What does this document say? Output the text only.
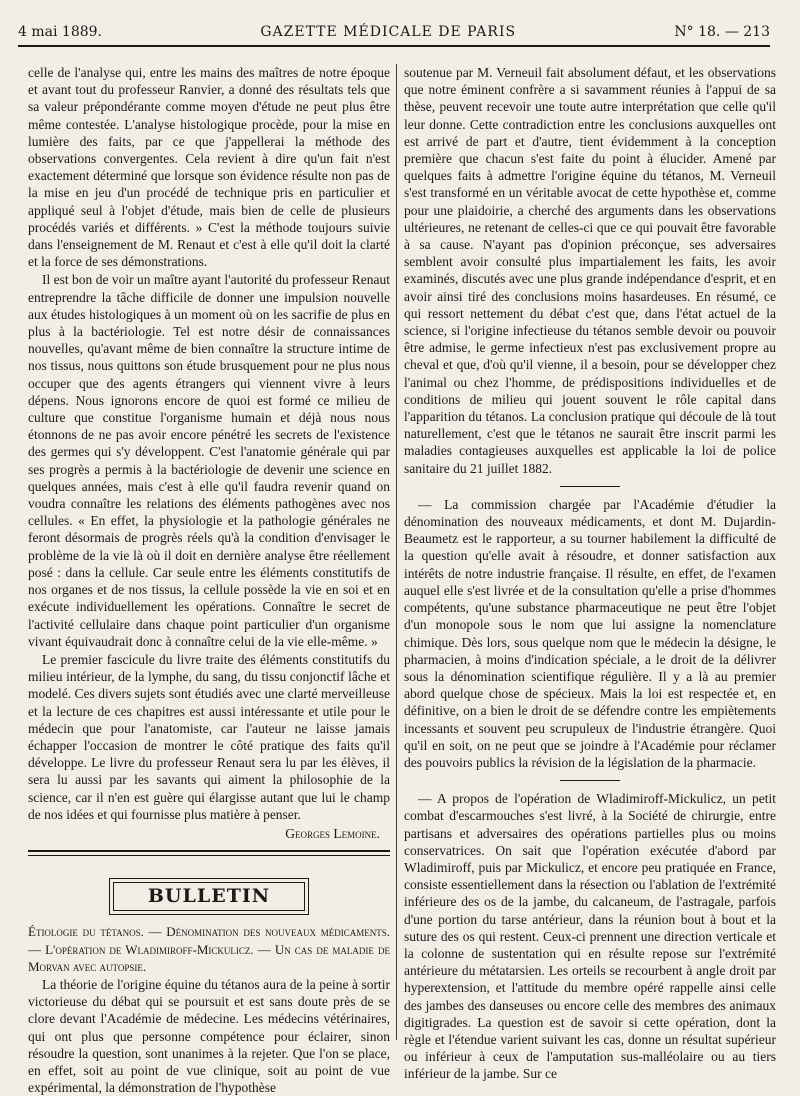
4 mai 1889.	GAZETTE MÉDICALE DE PARIS	N° 18. — 213

celle de l'analyse qui, entre les mains des maîtres de notre époque et avant tout du professeur Ranvier, a donné des résultats tels que sa valeur prépondérante comme moyen d'étude ne peut plus être même contestée. L'analyse histologique procède, pour la mise en lumière des faits, par ce que j'appellerai la méthode des observations convergentes. Cela revient à dire qu'un fait n'est exactement déterminé que lorsque son évidence résulte non pas de la mise en jeu d'un procédé de technique pris en particulier et appliqué seul à l'objet d'étude, mais bien de celle de plusieurs procédés variés et différents. » C'est la méthode toujours suivie dans l'enseignement de M. Renaut et c'est à elle qu'il doit la clarté et la force de ses démonstrations.

Il est bon de voir un maître ayant l'autorité du professeur Renaut entreprendre la tâche difficile de donner une impulsion nouvelle aux études histologiques à un moment où on les sacrifie de plus en plus à la bactériologie. Tel est notre désir de connaissances nouvelles, qu'avant même de bien connaître la structure intime de nos tissus, nous quittons son étude brusquement pour ne plus nous occuper que des agents étrangers qui viennent vivre à leurs dépens. Nous ignorons encore de quoi est formé ce milieu de culture que constitue l'organisme humain et déjà nous nous étonnons de ne pas avoir encore pénétré les secrets de l'existence des germes qui s'y développent. C'est l'anatomie générale qui par ses progrès a permis à la bactériologie de devenir une science en quelques années, mais c'est à elle qu'il faudra revenir quand on voudra connaître les relations des éléments pathogènes avec nos cellules. « En effet, la physiologie et la pathologie générales ne feront désormais de progrès réels qu'à la condition d'envisager le problème de la vie là où il doit en dernière analyse être réellement posé : dans la cellule. Car seule entre les éléments constitutifs de nos organes et de nos tissus, la cellule possède la vie en soi et en exécute individuellement les opérations. Connaître le secret de l'activité cellulaire dans chaque point particulier d'un organisme vivant équivaudrait donc à connaître celui de la vie elle-même. »

Le premier fascicule du livre traite des éléments constitutifs du milieu intérieur, de la lymphe, du sang, du tissu conjonctif lâche et modelé. Ces divers sujets sont étudiés avec une clarté merveilleuse et la lecture de ces chapitres est aussi intéressante et utile pour le médecin que pour l'anatomiste, car l'auteur ne laisse jamais échapper l'occasion de montrer le côté pratique des faits qu'il développe. Le livre du professeur Renaut sera lu par les élèves, il sera lu aussi par les savants qui aiment la philosophie de la science, car il n'en est guère qui élargisse autant que lui le champ de nos idées et qui fournisse plus matière à penser.

Georges Lemoine.
BULLETIN

Étiologie du tétanos. — Dénomination des nouveaux médicaments. — L'opération de Wladimiroff-Mickulicz. — Un cas de maladie de Morvan avec autopsie.

La théorie de l'origine équine du tétanos aura de la peine à sortir victorieuse du débat qui se poursuit et est sans doute près de se clore devant l'Académie de médecine. Les médecins vétérinaires, qui ont plus que personne compétence pour éclairer, sinon résoudre la question, sont unanimes à la rejeter. Que l'on se place, en effet, soit au point de vue clinique, soit au point de vue expérimental, la démonstration de l'hypothèse

soutenue par M. Verneuil fait absolument défaut, et les observations que notre éminent confrère a si savamment réunies à l'appui de sa thèse, peuvent recevoir une toute autre interprétation que celle qu'il leur donne. Cette contradiction entre les conclusions auxquelles ont est arrivé de part et d'autre, tient évidemment à la conception première que chacun s'est faite du point à élucider. Amené par quelques faits à admettre l'origine équine du tétanos, M. Verneuil s'est transformé en un véritable avocat de cette hypothèse et, comme pour une plaidoirie, a cherché des arguments dans les observations ultérieures, ne retenant de celles-ci que ce qui pouvait être favorable à sa cause. N'ayant pas d'opinion préconçue, ses adversaires semblent avoir consulté plus impartialement les faits, les avoir examinés, discutés avec une plus grande indépendance d'esprit, et en avoir ainsi tiré des conclusions moins hasardeuses. En résumé, ce qui ressort nettement du débat c'est que, dans l'état actuel de la science, si l'origine infectieuse du tétanos semble devoir ou pouvoir être admise, le germe infectieux n'est pas exclusivement propre au cheval et que, d'où qu'il vienne, il a besoin, pour se développer chez l'animal ou chez l'homme, de prédispositions individuelles et de conditions de milieu qui jouent souvent le rôle capital dans l'apparition du tétanos. La conclusion pratique qui découle de là tout naturellement, c'est que le tétanos ne saurait être inscrit parmi les maladies contagieuses auxquelles est applicable la loi de police sanitaire du 21 juillet 1882.

— La commission chargée par l'Académie d'étudier la dénomination des nouveaux médicaments, et dont M. Dujardin-Beaumetz est le rapporteur, a su tourner habilement la difficulté de la question qu'elle avait à résoudre, et donner satisfaction aux intérêts de notre industrie française. Il résulte, en effet, de l'examen auquel elle s'est livrée et de la consultation qu'elle a prise d'hommes compétents, qu'une substance pharmaceutique ne peut être l'objet d'un monopole sous le nom que lui assigne la nomenclature chimique. Dès lors, sous quelque nom que le médecin la désigne, le pharmacien, à moins d'indication spéciale, a le droit de la délivrer sous la dénomination scientifique régulière. Il y a là au premier abord quelque chose de spécieux. Mais la loi est respectée et, en définitive, on a bien le droit de se défendre contre les empiètements incessants et souvent peu scrupuleux de l'industrie étrangère. Quoi qu'il en soit, on ne peut que se joindre à l'Académie pour réclamer des pouvoirs publics la révision de la législation de la pharmacie.

— A propos de l'opération de Wladimiroff-Mickulicz, un petit combat d'escarmouches s'est livré, à la Société de chirurgie, entre partisans et adversaires des opérations partielles plus ou moins conservatrices. On sait que l'opération exécutée d'abord par Wladimiroff, puis par Mickulicz, et encore peu pratiquée en France, consiste essentiellement dans la résection ou l'ablation de l'extrémité inférieure des os de la jambe, du calcaneum, de l'astragale, parfois d'une portion du tarse antérieur, dans la réunion bout à bout et la suture des os qui restent. Ceux-ci prennent une direction verticale et la colonne de sustentation qui en résulte repose sur l'extrémité antérieure du métatarsien. Les orteils se recourbent à angle droit par hyperextension, et l'attitude du membre opéré rappelle ainsi celle des jambes des danseuses ou encore celle des membres des animaux digitigrades. La question est de savoir si cette opération, dont la règle et l'étendue varient suivant les cas, donne un résultat supérieur ou inférieur à ceux de l'amputation sus-malléolaire ou au tiers inférieur de la jambe. Sur ce
